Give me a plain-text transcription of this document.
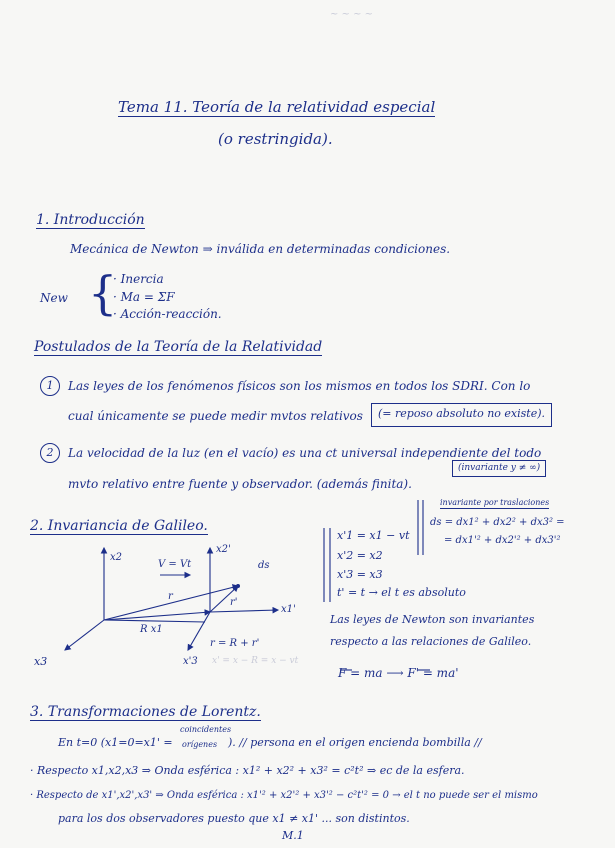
~ ~ ~ ~
Tema 11. Teoría de la relatividad especial
(o restringida).
1. Introducción
Mecánica de Newton ⇒ inválida en determinadas condiciones.
New {
· Inercia
· Ma = ΣF
· Acción-reacción.
Postulados de la Teoría de la Relatividad
1	Las leyes de los fenómenos físicos son los mismos en todos los SDRI. Con lo
cual únicamente se puede medir mvtos relativos	(= reposo absoluto no existe).
2	La velocidad de la luz (en el vacío) es una ct universal independiente del todo
(invariante y ≠ ∞)
mvto relativo entre fuente y observador. (además finita).
2. Invariancia de Galileo.
x2
x2'
x3	x'3
x1'
R x1
ds
V = Vt
r
r'
r = R + r'
x' = x − R = x − vt
x'1 = x1 − vt
x'2 = x2
x'3 = x3
t' = t → el t es absoluto
invariante por traslaciones
ds = dx1² + dx2² + dx3² =
= dx1'² + dx2'² + dx3'²
Las leyes de Newton son invariantes
respecto a las relaciones de Galileo.
F = ma ⟶ F' = ma'
3. Transformaciones de Lorentz.
En t=0 (x1=0=x1' =
coincidentes
orígenes ). // persona en el origen encienda bombilla //
· Respecto x1,x2,x3 ⇒ Onda esférica : x1² + x2² + x3² = c²t² ⇒ ec de la esfera.
· Respecto de x1',x2',x3' ⇒ Onda esférica : x1'² + x2'² + x3'² − c²t'² = 0 → el t no puede ser el mismo
para los dos observadores puesto que x1 ≠ x1' ... son distintos.
M.1
